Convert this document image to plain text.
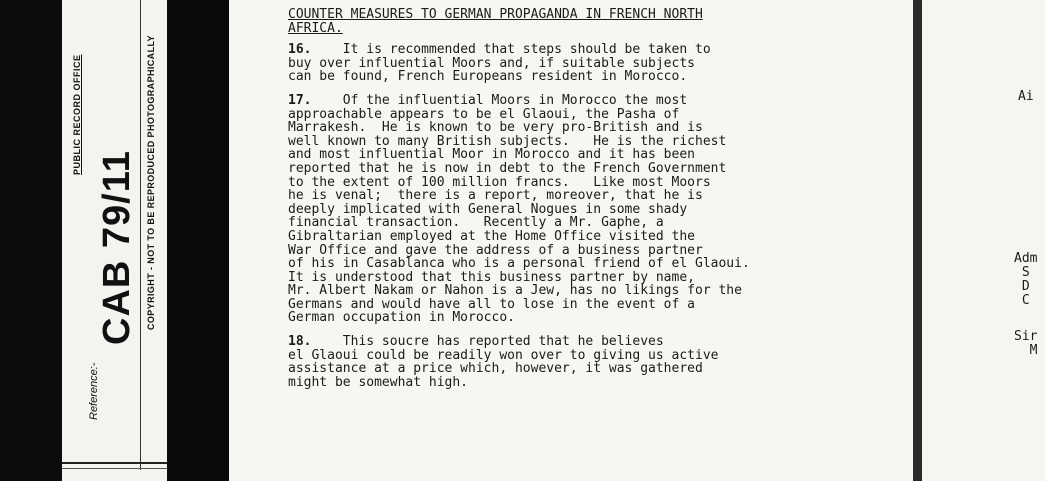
PUBLIC RECORD OFFICE
CAB 79/11
Reference:-
COPYRIGHT - NOT TO BE REPRODUCED PHOTOGRAPHICALLY

COUNTER MEASURES TO GERMAN PROPAGANDA IN FRENCH NORTH
AFRICA.

16. It is recommended that steps should be taken to
buy over influential Moors and, if suitable subjects
can be found, French Europeans resident in Morocco.
17. Of the influential Moors in Morocco the most
approachable appears to be el Glaoui, the Pasha of
Marrakesh.  He is known to be very pro-British and is
well known to many British subjects.   He is the richest
and most influential Moor in Morocco and it has been
reported that he is now in debt to the French Government
to the extent of 100 million francs.   Like most Moors
he is venal;  there is a report, moreover, that he is
deeply implicated with General Nogues in some shady
financial transaction.   Recently a Mr. Gaphe, a
Gibraltarian employed at the Home Office visited the
War Office and gave the address of a business partner
of his in Casablanca who is a personal friend of el Glaoui.
It is understood that this business partner by name,
Mr. Albert Nakam or Nahon is a Jew, has no likings for the
Germans and would have all to lose in the event of a
German occupation in Morocco.
18. This soucre has reported that he believes
el Glaoui could be readily won over to giving us active
assistance at a price which, however, it was gathered
might be somewhat high.
Ai
Adm
S
D
C
Sir
M
